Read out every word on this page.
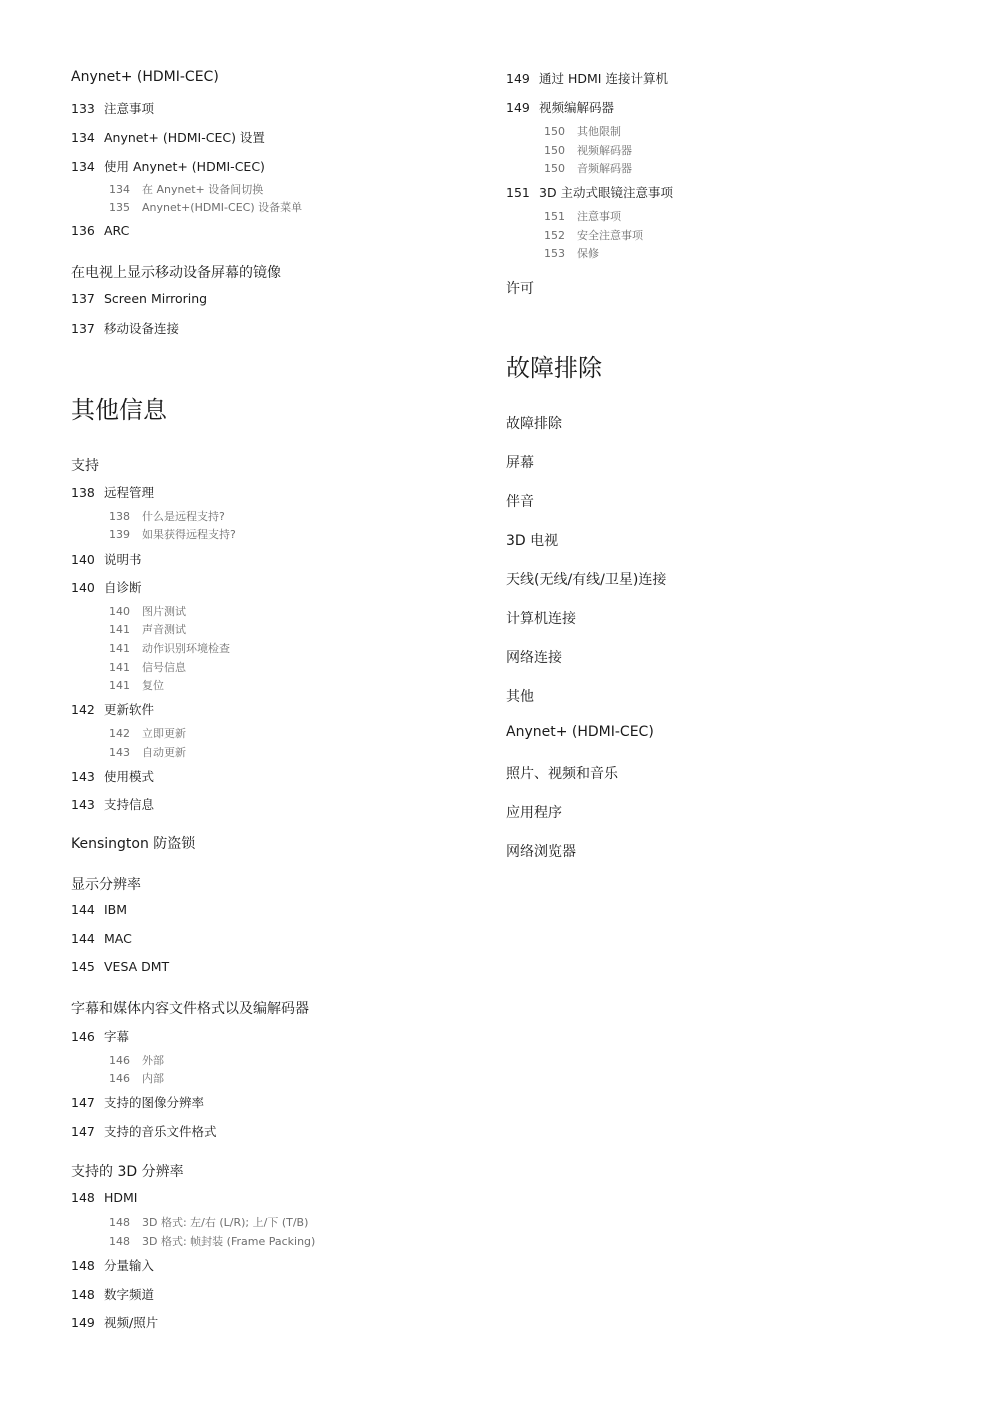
Anynet+ (HDMI-CEC)
133 注意事项
134 Anynet+ (HDMI-CEC) 设置
134 使用 Anynet+ (HDMI-CEC)
134 在 Anynet+ 设备间切换
135 Anynet+(HDMI-CEC) 设备菜单
136 ARC
在电视上显示移动设备屏幕的镜像
137 Screen Mirroring
137 移动设备连接
其他信息
支持
138 远程管理
138 什么是远程支持?
139 如果获得远程支持?
140 说明书
140 自诊断
140 图片测试
141 声音测试
141 动作识别环境检查
141 信号信息
141 复位
142 更新软件
142 立即更新
143 自动更新
143 使用模式
143 支持信息
Kensington 防盗锁
显示分辨率
144 IBM
144 MAC
145 VESA DMT
字幕和媒体内容文件格式以及编解码器
146 字幕
146 外部
146 内部
147 支持的图像分辨率
147 支持的音乐文件格式
支持的 3D 分辨率
148 HDMI
148 3D 格式: 左/右 (L/R); 上/下 (T/B)
148 3D 格式: 帧封装 (Frame Packing)
148 分量输入
148 数字频道
149 视频/照片
149 通过 HDMI 连接计算机
149 视频编解码器
150 其他限制
150 视频解码器
150 音频解码器
151 3D 主动式眼镜注意事项
151 注意事项
152 安全注意事项
153 保修
许可
故障排除
故障排除
屏幕
伴音
3D 电视
天线(无线/有线/卫星)连接
计算机连接
网络连接
其他
Anynet+ (HDMI-CEC)
照片、视频和音乐
应用程序
网络浏览器
